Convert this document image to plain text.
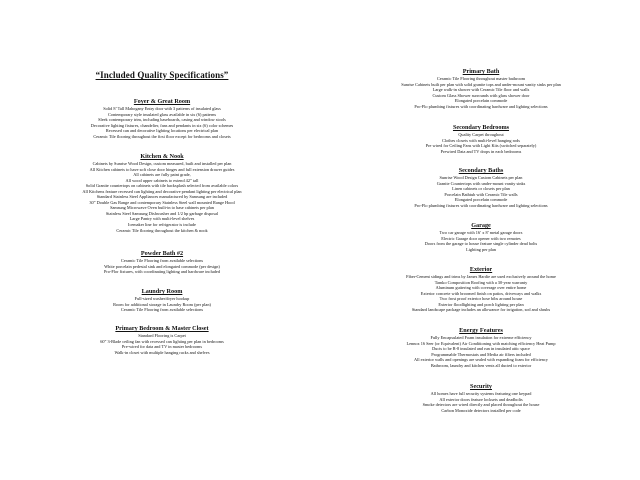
“Included Quality Specifications”
Foyer & Great Room
Solid 8’ Tall Mahogany Entry door with 3 patterns of insulated glass
Contemporary style insulated glass available in six (6) patterns
Sleek contemporary trim, including baseboards, casing and window stools
Decorative lighting fixtures, chandelier, fans and pendants in six (6) color schemes
Recessed can and decorative lighting locations per electrical plan
Ceramic Tile flooring throughout the first floor except for bedrooms and closets
Kitchen & Nook
Cabinets by Sunrise Wood Design, custom measured, built and installed per plan
All Kitchen cabinets to have soft close door hinges and full extension drawer guides
All cabinets are fully paint grade,
All wood upper cabinets to extend 42” tall
Solid Granite countertops on cabinets with tile backsplash selected from available colors
All Kitchens feature recessed can lighting and decorative pendant lighting per electrical plan
Standard Stainless Steel Appliances manufactured by Samsung are included
30” Double Gas Range and contemporary Stainless Steel wall mounted Range Hood
Samsung Microwave Oven built-in to base cabinets per plan
Stainless Steel Samsung Dishwasher and 1/2 hp garbage disposal
Large Pantry with multi-level shelves
Icemaker line for refrigerator is include
Ceramic Tile flooring throughout the kitchen & nook
Powder Bath #2
Ceramic Tile Flooring from available selections
White porcelain pedestal sink and elongated commode (per design)
Pro-Flor fixtures, with coordinating lighting and hardware included
Laundry Room
Full-sized washer/dryer hookup
Room for additional storage in Laundry Room (per plan)
Ceramic Tile Flooring from available selections
Primary Bedroom & Master Closet
Standard Flooring is Carpet
60” 3-Blade ceiling fan with recessed can lighting per plan in bedrooms
Pre-wired for data and TV in master bedrooms
Walk-in closet with multiple hanging racks and shelves
Primary Bath
Ceramic Tile Flooring throughout master bathroom
Sunrise Cabinets built per plan with solid granite tops and under-mount vanity sinks per plan
Large walk-in shower with Ceramic Tile floor and walls
Custom Glass Shower surrounds with glass shower door
Elongated porcelain commode
Pro-Flo plumbing fixtures with coordinating hardware and lighting selections
Secondary Bedrooms
Quality Carpet throughout
Clothes closets with multi-level hanging rods
Pre wired for Ceiling Fans with Light Kits (switched separately)
Prewired Data and TV drops in each bedrooms
Secondary Baths
Sunrise Wood Design Custom Cabinets per plan
Granite Countertops with under-mount vanity sinks
Linen cabinets or closets per plan
Porcelain Bathtub with Ceramic Tile walls
Elongated porcelain commode
Pro-Flo plumbing fixtures with coordinating hardware and lighting selections
Garage
Two car garage with 16’ x 8’ metal garage doors
Electric Garage door opener with two remotes
Doors from the garage to house feature single cylinder dead bolts
Lighting per plan
Exterior
Fiber-Cement sidings and trims by James Hardie are used exclusively around the home
Tamko Composition Roofing with a 30-year warranty
Aluminum guttering with coverage over entire home
Exterior concrete with broomed finish on patios, driveways and walks
Two frost proof exterior hose bibs around house
Exterior floodlighting and porch lighting per plan
Standard landscape package includes an allowance for irrigation, sod and shrubs
Energy Features
Fully Encapsulated Foam insulation for extreme efficiency
Lennox 16 Seer (or Equivalent) Air Conditioning with matching efficiency Heat Pump
Ducts to be R-8 insulated and run in insulated attic space
Programmable Thermostats and Media air filters included
All exterior walls and openings are sealed with expanding foam for efficiency
Bathroom, laundry and kitchen vents all ducted to exterior
Security
All homes have full security systems featuring one keypad
All exterior doors feature locksets and deadbolts
Smoke detectors are wired directly and placed throughout the house
Carbon Monoxide detectors installed per code
